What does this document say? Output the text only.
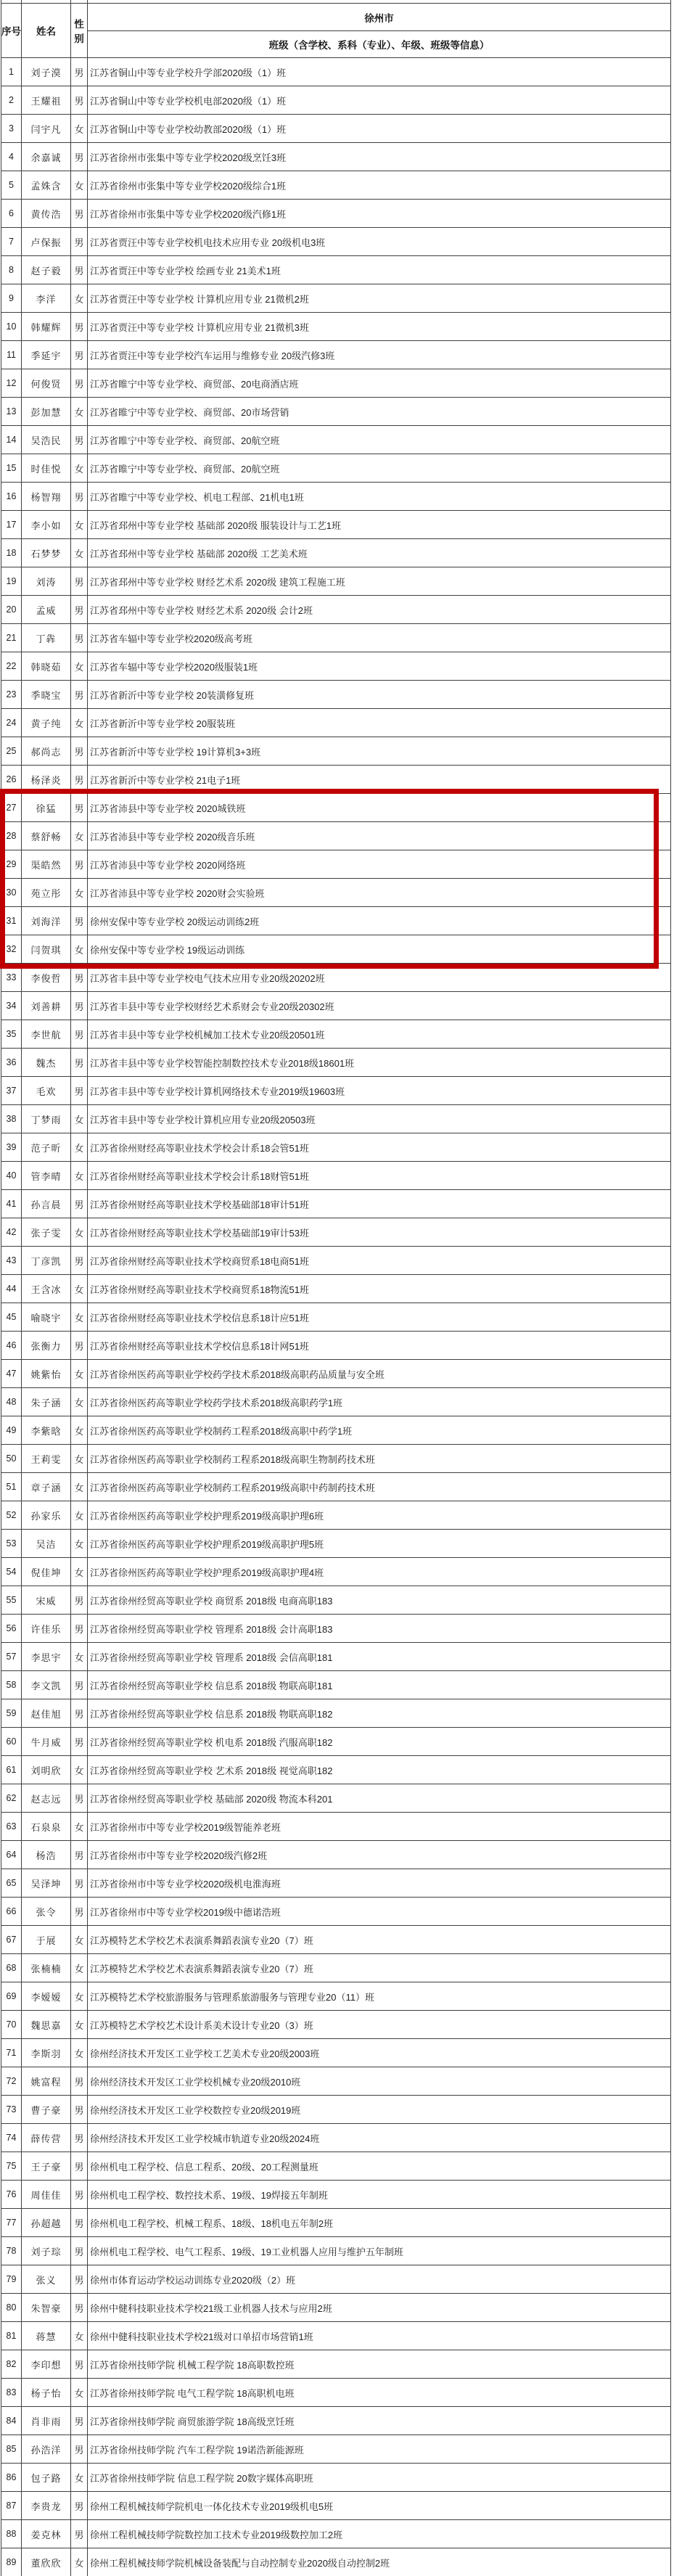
序号	姓名	性别	徐州市
			班级（含学校、系科（专业）、年级、班级等信息）
1	刘子漠	男	江苏省铜山中等专业学校升学部2020级（1）班
2	王耀祖	男	江苏省铜山中等专业学校机电部2020级（1）班
3	闫宇凡	女	江苏省铜山中等专业学校幼教部2020级（1）班
4	余嘉诚	男	江苏省徐州市张集中等专业学校2020级烹饪3班
5	孟姝含	女	江苏省徐州市张集中等专业学校2020级综合1班
6	黄传浩	男	江苏省徐州市张集中等专业学校2020级汽修1班
7	卢保振	男	江苏省贾汪中等专业学校机电技术应用专业 20级机电3班
8	赵子毅	男	江苏省贾汪中等专业学校 绘画专业 21美术1班
9	李洋	女	江苏省贾汪中等专业学校 计算机应用专业 21微机2班
10	韩耀辉	男	江苏省贾汪中等专业学校 计算机应用专业 21微机3班
11	季延宇	男	江苏省贾汪中等专业学校汽车运用与维修专业 20级汽修3班
12	何俊贤	男	江苏省睢宁中等专业学校、商贸部、20电商酒店班
13	彭加慧	女	江苏省睢宁中等专业学校、商贸部、20市场营销
14	吴浩民	男	江苏省睢宁中等专业学校、商贸部、20航空班
15	时佳悦	女	江苏省睢宁中等专业学校、商贸部、20航空班
16	杨智翔	男	江苏省睢宁中等专业学校、机电工程部、21机电1班
17	李小如	女	江苏省邳州中等专业学校 基础部 2020级 服装设计与工艺1班
18	石梦梦	女	江苏省邳州中等专业学校 基础部 2020级 工艺美术班
19	刘涛	男	江苏省邳州中等专业学校 财经艺术系 2020级 建筑工程施工班
20	孟威	男	江苏省邳州中等专业学校 财经艺术系 2020级 会计2班
21	丁犇	男	江苏省车辐中等专业学校2020级高考班
22	韩晓茹	女	江苏省车辐中等专业学校2020级服装1班
23	季晓宝	男	江苏省新沂中等专业学校 20装潢修复班
24	黄子纯	女	江苏省新沂中等专业学校 20服装班
25	郝尚志	男	江苏省新沂中等专业学校 19计算机3+3班
26	杨泽炎	男	江苏省新沂中等专业学校 21电子1班
27	徐猛	男	江苏省沛县中等专业学校 2020城铁班
28	蔡舒畅	女	江苏省沛县中等专业学校 2020级音乐班
29	渠皓然	男	江苏省沛县中等专业学校 2020网络班
30	苑立彤	女	江苏省沛县中等专业学校 2020财会实验班
31	刘海洋	男	徐州安保中等专业学校 20级运动训练2班
32	闫贺琪	女	徐州安保中等专业学校 19级运动训练
33	李俊哲	男	江苏省丰县中等专业学校电气技术应用专业20级20202班
34	刘善耕	男	江苏省丰县中等专业学校财经艺术系财会专业20级20302班
35	李世航	男	江苏省丰县中等专业学校机械加工技术专业20级20501班
36	魏杰	男	江苏省丰县中等专业学校智能控制数控技术专业2018级18601班
37	毛欢	男	江苏省丰县中等专业学校计算机网络技术专业2019级19603班
38	丁梦雨	女	江苏省丰县中等专业学校计算机应用专业20级20503班
39	范子昕	女	江苏省徐州财经高等职业技术学校会计系18会管51班
40	管李晴	女	江苏省徐州财经高等职业技术学校会计系18财管51班
41	孙言晨	男	江苏省徐州财经高等职业技术学校基础部18审计51班
42	张子雯	女	江苏省徐州财经高等职业技术学校基础部19审计53班
43	丁彦凯	男	江苏省徐州财经高等职业技术学校商贸系18电商51班
44	王含冰	女	江苏省徐州财经高等职业技术学校商贸系18物流51班
45	喻晓宇	女	江苏省徐州财经高等职业技术学校信息系18计应51班
46	张衡力	男	江苏省徐州财经高等职业技术学校信息系18计网51班
47	姚紫怡	女	江苏省徐州医药高等职业学校药学技术系2018级高职药品质量与安全班
48	朱子涵	女	江苏省徐州医药高等职业学校药学技术系2018级高职药学1班
49	李紫晗	女	江苏省徐州医药高等职业学校制药工程系2018级高职中药学1班
50	王莉雯	女	江苏省徐州医药高等职业学校制药工程系2018级高职生物制药技术班
51	章子涵	女	江苏省徐州医药高等职业学校制药工程系2019级高职中药制药技术班
52	孙家乐	女	江苏省徐州医药高等职业学校护理系2019级高职护理6班
53	吴洁	女	江苏省徐州医药高等职业学校护理系2019级高职护理5班
54	倪佳坤	女	江苏省徐州医药高等职业学校护理系2019级高职护理4班
55	宋威	男	江苏省徐州经贸高等职业学校 商贸系 2018级 电商高职183
56	许佳乐	男	江苏省徐州经贸高等职业学校 管理系 2018级 会计高职183
57	李思宇	女	江苏省徐州经贸高等职业学校 管理系 2018级 会信高职181
58	李文凯	男	江苏省徐州经贸高等职业学校 信息系 2018级 物联高职181
59	赵佳旭	男	江苏省徐州经贸高等职业学校 信息系 2018级 物联高职182
60	牛月威	男	江苏省徐州经贸高等职业学校 机电系 2018级 汽服高职182
61	刘明欣	女	江苏省徐州经贸高等职业学校 艺术系 2018级 视觉高职182
62	赵志远	男	江苏省徐州经贸高等职业学校 基础部 2020级 物流本科201
63	石泉泉	女	江苏省徐州市中等专业学校2019级智能养老班
64	杨浩	男	江苏省徐州市中等专业学校2020级汽修2班
65	吴泽坤	男	江苏省徐州市中等专业学校2020级机电淮海班
66	张令	男	江苏省徐州市中等专业学校2019级中德诺浩班
67	于展	女	江苏模特艺术学校艺术表演系舞蹈表演专业20（7）班
68	张楠楠	女	江苏模特艺术学校艺术表演系舞蹈表演专业20（7）班
69	李嫒嫒	女	江苏模特艺术学校旅游服务与管理系旅游服务与管理专业20（11）班
70	魏思嘉	女	江苏模特艺术学校艺术设计系美术设计专业20（3）班
71	李斯羽	女	徐州经济技术开发区工业学校工艺美术专业20级2003班
72	姚富程	男	徐州经济技术开发区工业学校机械专业20级2010班
73	曹子豪	男	徐州经济技术开发区工业学校数控专业20级2019班
74	薛传营	男	徐州经济技术开发区工业学校城市轨道专业20级2024班
75	王子豪	男	徐州机电工程学校、信息工程系、20级、20工程测量班
76	周佳佳	男	徐州机电工程学校、数控技术系、19级、19焊接五年制班
77	孙超越	男	徐州机电工程学校、机械工程系、18级、18机电五年制2班
78	刘子琮	男	徐州机电工程学校、电气工程系、19级、19工业机器人应用与维护五年制班
79	张义	男	徐州市体育运动学校运动训练专业2020级（2）班
80	朱智豪	男	徐州中健科技职业技术学校21级工业机器人技术与应用2班
81	蒋慧	女	徐州中健科技职业技术学校21级对口单招市场营销1班
82	李印想	男	江苏省徐州技师学院 机械工程学院 18高职数控班
83	杨子怡	女	江苏省徐州技师学院 电气工程学院 18高职机电班
84	肖非雨	男	江苏省徐州技师学院 商贸旅游学院 18高级烹饪班
85	孙浩洋	男	江苏省徐州技师学院 汽车工程学院 19诺浩新能源班
86	包子路	女	江苏省徐州技师学院 信息工程学院 20数字媒体高职班
87	李贵龙	男	徐州工程机械技师学院机电一体化技术专业2019级机电5班
88	姜克林	男	徐州工程机械技师学院数控加工技术专业2019级数控加工2班
89	董欣欣	女	徐州工程机械技师学院机械设备装配与自动控制专业2020级自动控制2班
